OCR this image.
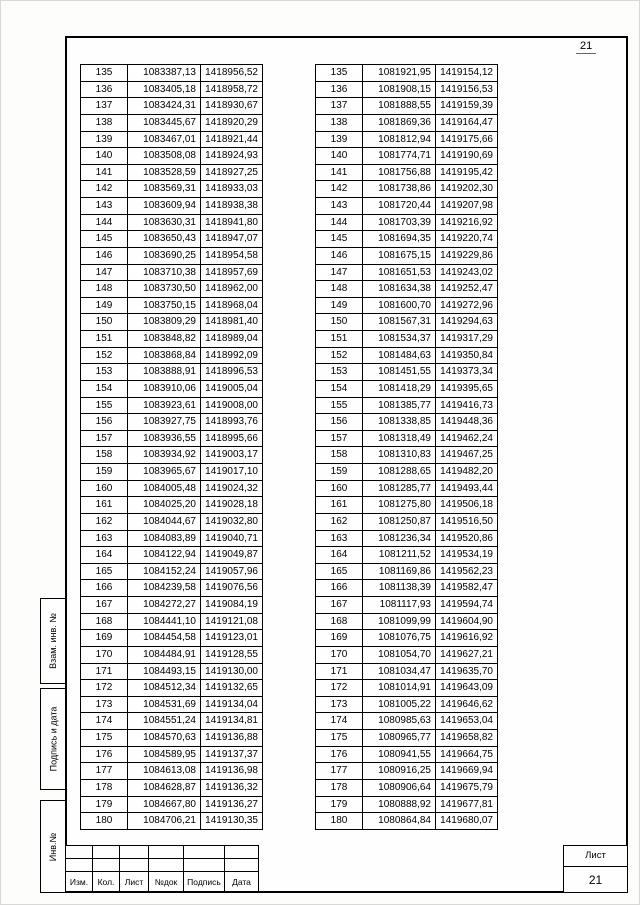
21
135	1083387,13	1418956,52
136	1083405,18	1418958,72
137	1083424,31	1418930,67
138	1083445,67	1418920,29
139	1083467,01	1418921,44
140	1083508,08	1418924,93
141	1083528,59	1418927,25
142	1083569,31	1418933,03
143	1083609,94	1418938,38
144	1083630,31	1418941,80
145	1083650,43	1418947,07
146	1083690,25	1418954,58
147	1083710,38	1418957,69
148	1083730,50	1418962,00
149	1083750,15	1418968,04
150	1083809,29	1418981,40
151	1083848,82	1418989,04
152	1083868,84	1418992,09
153	1083888,91	1418996,53
154	1083910,06	1419005,04
155	1083923,61	1419008,00
156	1083927,75	1418993,76
157	1083936,55	1418995,66
158	1083934,92	1419003,17
159	1083965,67	1419017,10
160	1084005,48	1419024,32
161	1084025,20	1419028,18
162	1084044,67	1419032,80
163	1084083,89	1419040,71
164	1084122,94	1419049,87
165	1084152,24	1419057,96
166	1084239,58	1419076,56
167	1084272,27	1419084,19
168	1084441,10	1419121,08
169	1084454,58	1419123,01
170	1084484,91	1419128,55
171	1084493,15	1419130,00
172	1084512,34	1419132,65
173	1084531,69	1419134,04
174	1084551,24	1419134,81
175	1084570,63	1419136,88
176	1084589,95	1419137,37
177	1084613,08	1419136,98
178	1084628,87	1419136,32
179	1084667,80	1419136,27
180	1084706,21	1419130,35
135	1081921,95	1419154,12
136	1081908,15	1419156,53
137	1081888,55	1419159,39
138	1081869,36	1419164,47
139	1081812,94	1419175,66
140	1081774,71	1419190,69
141	1081756,88	1419195,42
142	1081738,86	1419202,30
143	1081720,44	1419207,98
144	1081703,39	1419216,92
145	1081694,35	1419220,74
146	1081675,15	1419229,86
147	1081651,53	1419243,02
148	1081634,38	1419252,47
149	1081600,70	1419272,96
150	1081567,31	1419294,63
151	1081534,37	1419317,29
152	1081484,63	1419350,84
153	1081451,55	1419373,34
154	1081418,29	1419395,65
155	1081385,77	1419416,73
156	1081338,85	1419448,36
157	1081318,49	1419462,24
158	1081310,83	1419467,25
159	1081288,65	1419482,20
160	1081285,77	1419493,44
161	1081275,80	1419506,18
162	1081250,87	1419516,50
163	1081236,34	1419520,86
164	1081211,52	1419534,19
165	1081169,86	1419562,23
166	1081138,39	1419582,47
167	1081117,93	1419594,74
168	1081099,99	1419604,90
169	1081076,75	1419616,92
170	1081054,70	1419627,21
171	1081034,47	1419635,70
172	1081014,91	1419643,09
173	1081005,22	1419646,62
174	1080985,63	1419653,04
175	1080965,77	1419658,82
176	1080941,55	1419664,75
177	1080916,25	1419669,94
178	1080906,64	1419675,79
179	1080888,92	1419677,81
180	1080864,84	1419680,07
Взам. инв. №
Подпись и дата
Инв.№

Изм.	Кол.	Лист	№док	Подпись	Дата
Лист
21
